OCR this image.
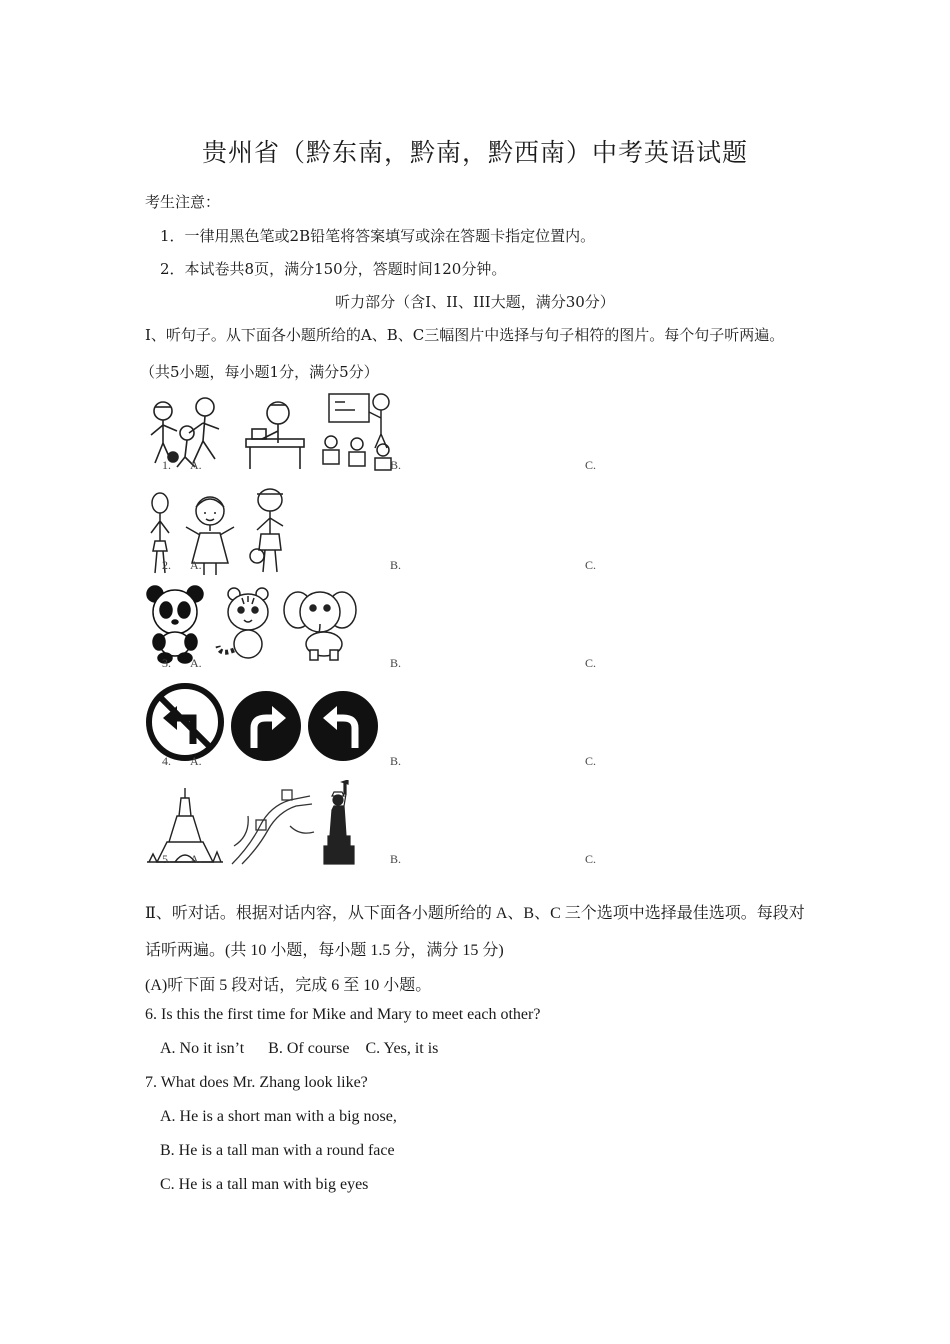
贵州省（黔东南，黔南，黔西南）中考英语试题
考生注意：
1．一律用黑色笔或2B铅笔将答案填写或涂在答题卡指定位置内。
2．本试卷共8页，满分150分，答题时间120分钟。
听力部分（含I、II、III大题，满分30分）
I、听句子。从下面各小题所给的A、B、C三幅图片中选择与句子相符的图片。每个句子听两遍。
（共5小题，每小题1分，满分5分）
1. A.
	B.
	C.
2. A.
	B.
	C.
3. A.
	B.
	C.
4. A.
	B.
	C.
5. A.
	B.
	C.
Ⅱ、听对话。根据对话内容，从下面各小题所给的 A、B、C 三个选项中选择最佳选项。每段对
话听两遍。(共 10 小题，每小题 1.5 分，满分 15 分)
(A)听下面 5 段对话，完成 6 至 10 小题。
6. Is this the first time for Mike and Mary to meet each other?
A. No it isn’t      B. Of course    C. Yes, it is
7. What does Mr. Zhang look like?
A. He is a short man with a big nose,
B. He is a tall man with a round face
C. He is a tall man with big eyes
